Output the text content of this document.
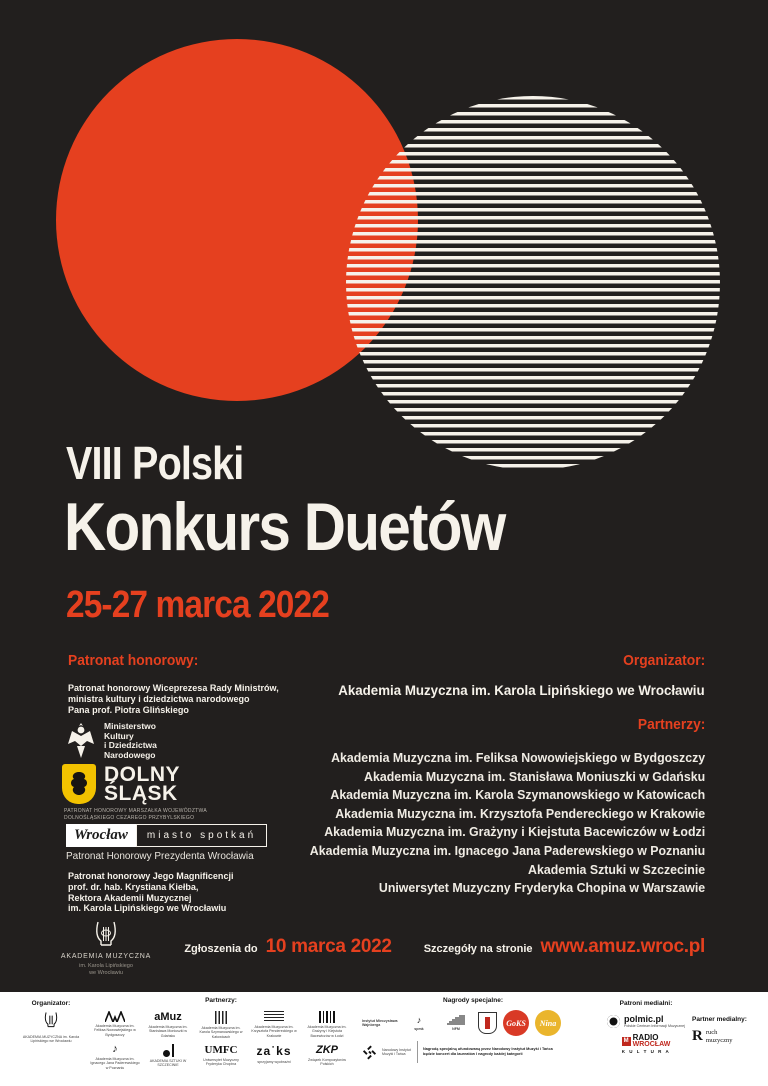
VIII Polski
Konkurs Duetów
25-27 marca 2022
Patronat honorowy:
Patronat honorowy Wiceprezesa Rady Ministrów,
ministra kultury i dziedzictwa narodowego
Pana prof. Piotra Glińskiego
Ministerstwo
Kultury
i Dziedzictwa
Narodowego
DOLNY
ŚLĄSK
PATRONAT HONOROWY MARSZAŁKA WOJEWÓDZTWA
DOLNOŚLĄSKIEGO CEZAREGO PRZYBYLSKIEGO
Wrocław	miasto spotkań
Patronat Honorowy Prezydenta Wrocławia
Patronat honorowy Jego Magnificencji
prof. dr. hab. Krystiana Kiełba,
Rektora Akademii Muzycznej
im. Karola Lipińskiego we Wrocławiu
AKADEMIA MUZYCZNA
im. Karola Lipińskiego
we Wrocławiu
Organizator:
Akademia Muzyczna im. Karola Lipińskiego we Wrocławiu
Partnerzy:
Akademia Muzyczna im. Feliksa Nowowiejskiego w Bydgoszczy
Akademia Muzyczna im. Stanisława Moniuszki w Gdańsku
Akademia Muzyczna im. Karola Szymanowskiego w Katowicach
Akademia Muzyczna im. Krzysztofa Pendereckiego w Krakowie
Akademia Muzyczna im. Grażyny i Kiejstuta Bacewiczów w Łodzi
Akademia Muzyczna im. Ignacego Jana Paderewskiego w Poznaniu
Akademia Sztuki w Szczecinie
Uniwersytet Muzyczny Fryderyka Chopina w Warszawie
Zgłoszenia do 10 marca 2022	Szczegóły na stronie www.amuz.wroc.pl
Organizator:
AKADEMIA MUZYCZNA im. Karola Lipińskiego we Wrocławiu
Partnerzy:
Akademia Muzyczna im. Feliksa Nowowiejskiego w Bydgoszczy
aMuz
Akademia Muzyczna im. Stanisława Moniuszki w Gdańsku
Akademia Muzyczna im. Karola Szymanowskiego w Katowicach
Akademia Muzyczna im. Krzysztofa Pendereckiego w Krakowie
Akademia Muzyczna im. Grażyny i Kiejstuta Bacewiczów w Łodzi
♪
Akademia Muzyczna im. Ignacego Jana Paderewskiego w Poznaniu
AKADEMIA SZTUKI W SZCZECINIE
UMFC
Uniwersytet Muzyczny Fryderyka Chopina
za˙ks
sprzyjamy wyobraźni
ZKP
Związek Kompozytorów Polskich
Nagrody specjalne:
Instytut Mieczysława Wajnberga
♪
spmk	NFM
GoKS	Nina
Narodowy Instytut Muzyki i Tańca
Nagrodą specjalną ufundowaną przez Narodowy Instytut Muzyki i Tańca
będzie koncert dla laureatów I nagrody każdej kategorii
Patroni medialni:
polmic.pl
Polskie Centrum Informacji Muzycznej
M RADIO
WROCŁAW
K U L T U R A
Partner medialny:
R ruch muzyczny
